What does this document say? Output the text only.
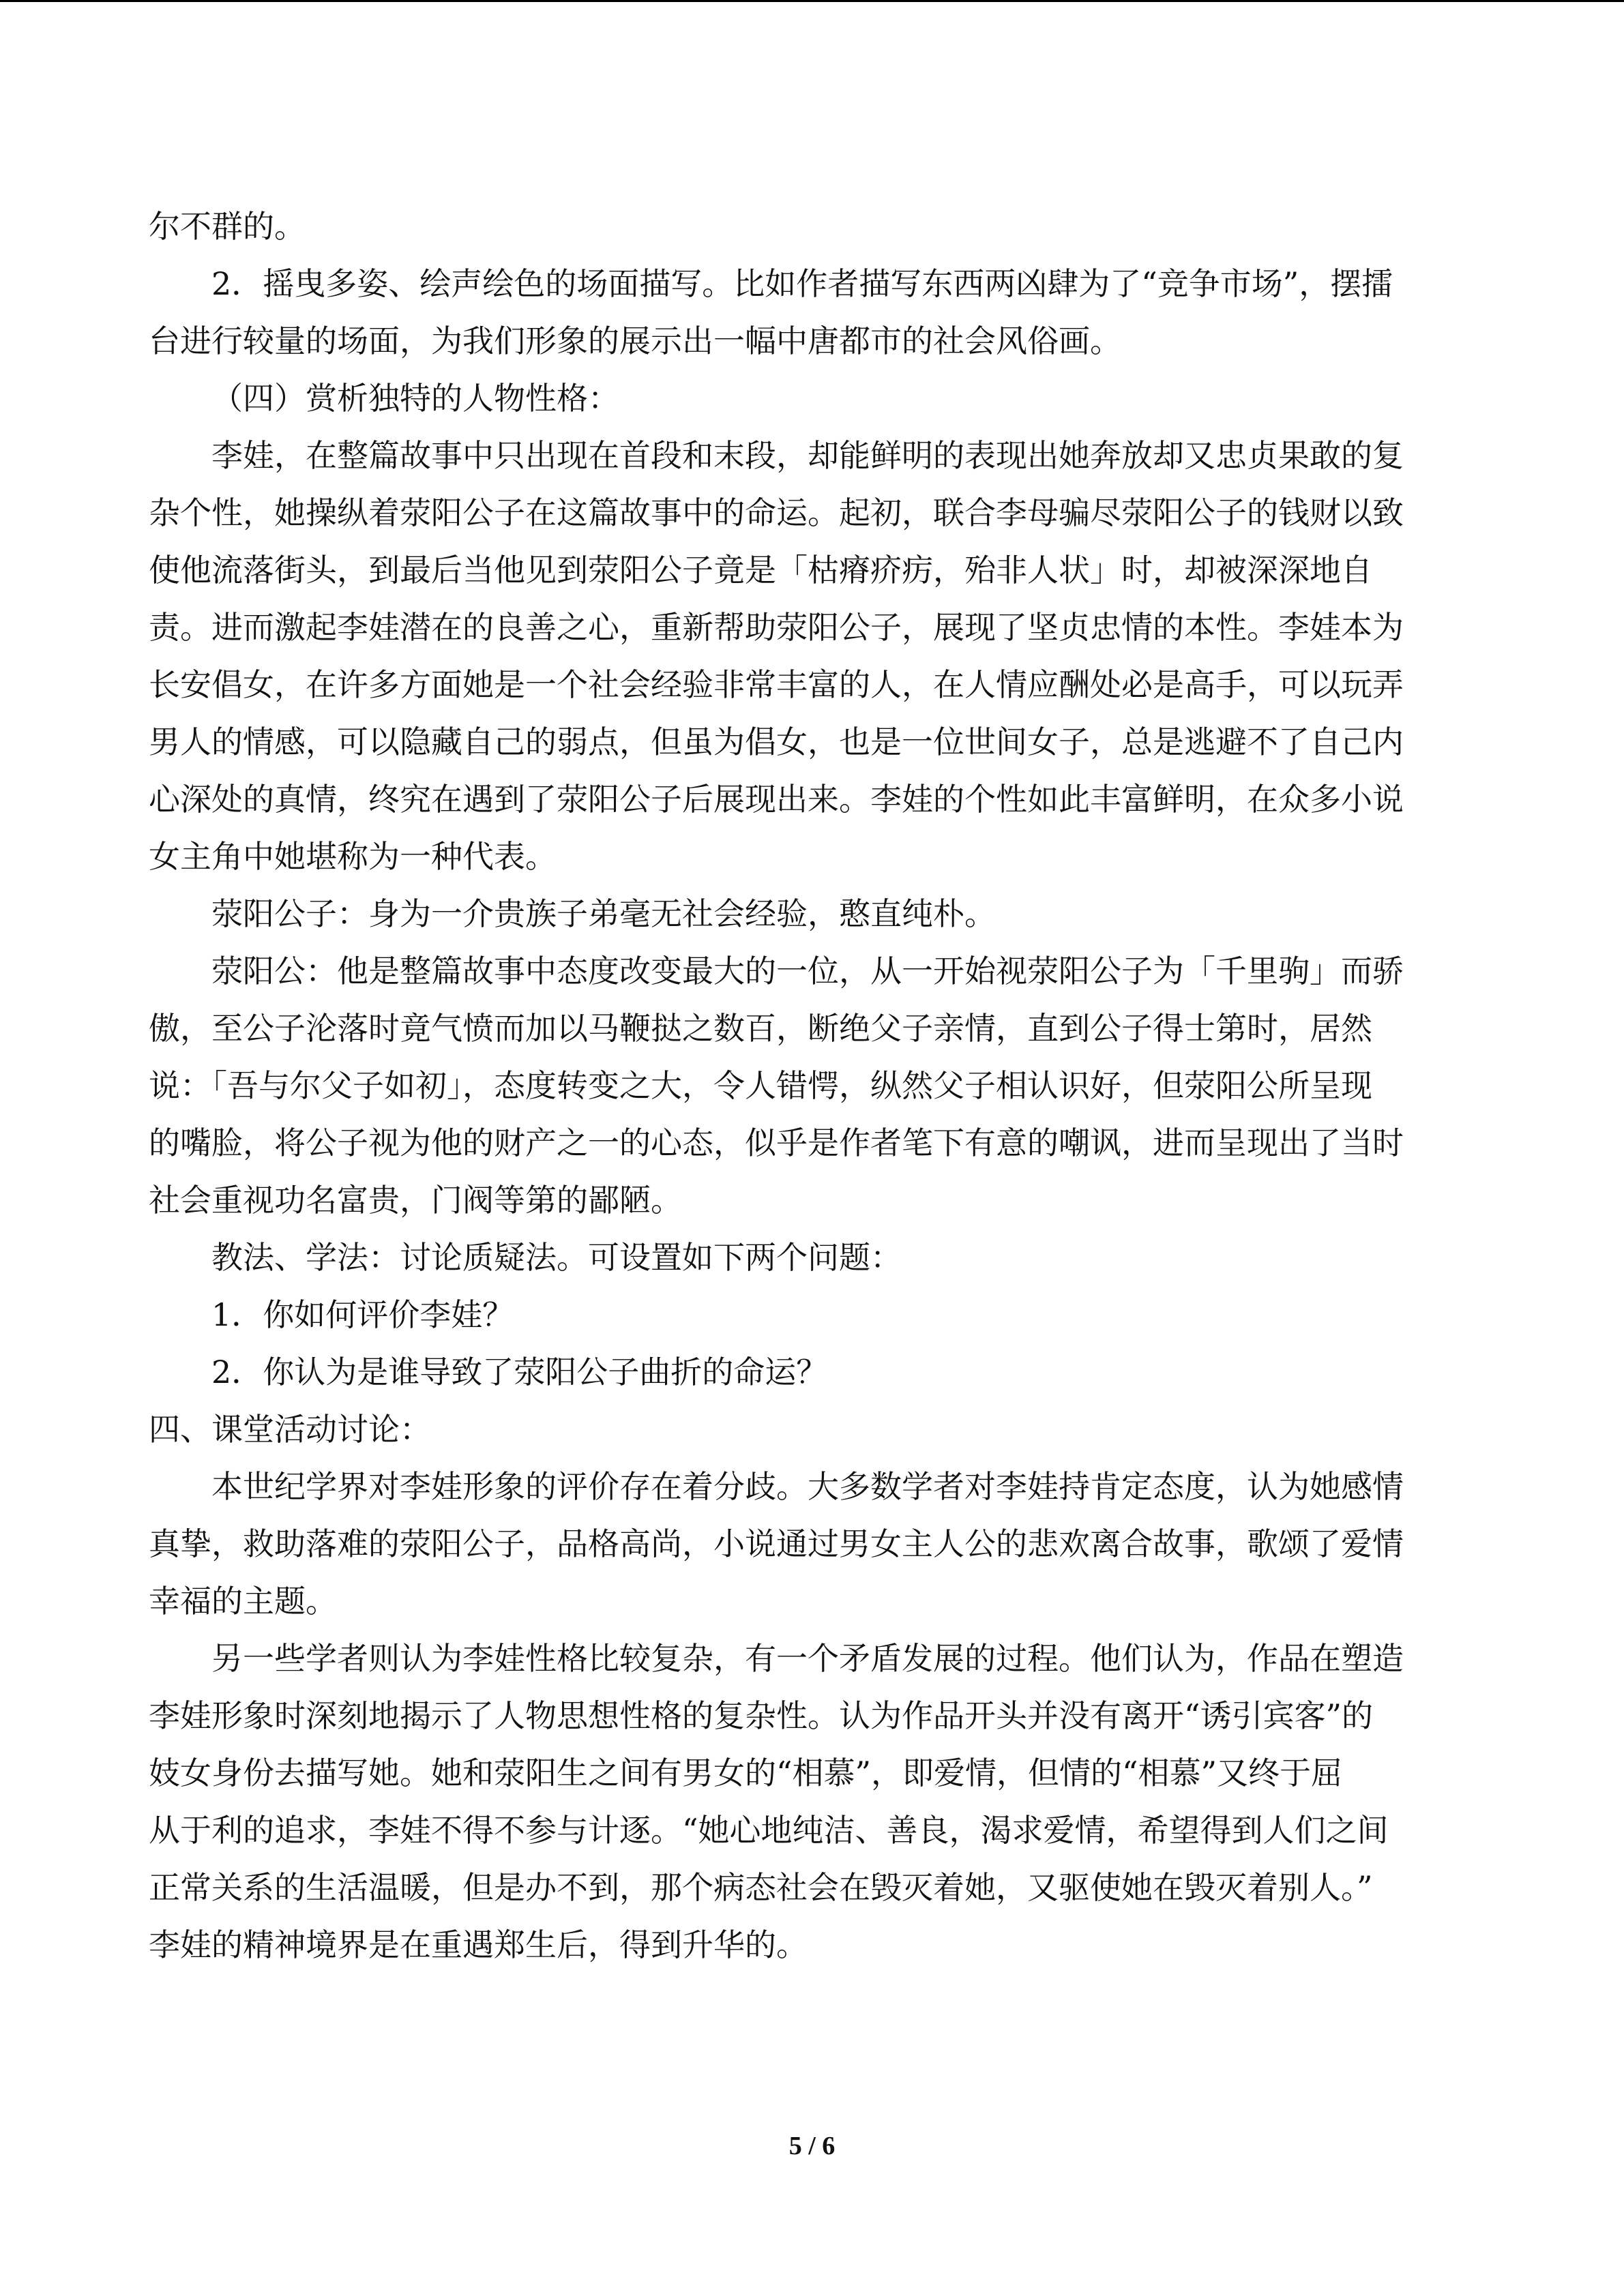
尔不群的。
2．摇曳多姿、绘声绘色的场面描写。比如作者描写东西两凶肆为了“竞争市场”，摆擂
台进行较量的场面，为我们形象的展示出一幅中唐都市的社会风俗画。
（四）赏析独特的人物性格：
李娃，在整篇故事中只出现在首段和末段，却能鲜明的表现出她奔放却又忠贞果敢的复
杂个性，她操纵着荥阳公子在这篇故事中的命运。起初，联合李母骗尽荥阳公子的钱财以致
使他流落街头，到最后当他见到荥阳公子竟是「枯瘠疥疠，殆非人状」时，却被深深地自
责。进而激起李娃潜在的良善之心，重新帮助荥阳公子，展现了坚贞忠情的本性。李娃本为
长安倡女，在许多方面她是一个社会经验非常丰富的人，在人情应酬处必是高手，可以玩弄
男人的情感，可以隐藏自己的弱点，但虽为倡女，也是一位世间女子，总是逃避不了自己内
心深处的真情，终究在遇到了荥阳公子后展现出来。李娃的个性如此丰富鲜明，在众多小说
女主角中她堪称为一种代表。
荥阳公子：身为一介贵族子弟毫无社会经验，憨直纯朴。
荥阳公：他是整篇故事中态度改变最大的一位，从一开始视荥阳公子为「千里驹」而骄
傲，至公子沦落时竟气愤而加以马鞭挞之数百，断绝父子亲情，直到公子得士第时，居然
说：「吾与尔父子如初」，态度转变之大，令人错愕，纵然父子相认识好，但荥阳公所呈现
的嘴脸，将公子视为他的财产之一的心态，似乎是作者笔下有意的嘲讽，进而呈现出了当时
社会重视功名富贵，门阀等第的鄙陋。
教法、学法：讨论质疑法。可设置如下两个问题：
1．你如何评价李娃？
2．你认为是谁导致了荥阳公子曲折的命运？
四、课堂活动讨论：
本世纪学界对李娃形象的评价存在着分歧。大多数学者对李娃持肯定态度，认为她感情
真挚，救助落难的荥阳公子，品格高尚，小说通过男女主人公的悲欢离合故事，歌颂了爱情
幸福的主题。
另一些学者则认为李娃性格比较复杂，有一个矛盾发展的过程。他们认为，作品在塑造
李娃形象时深刻地揭示了人物思想性格的复杂性。认为作品开头并没有离开“诱引宾客”的
妓女身份去描写她。她和荥阳生之间有男女的“相慕”，即爱情，但情的“相慕”又终于屈
从于利的追求，李娃不得不参与计逐。“她心地纯洁、善良，渴求爱情，希望得到人们之间
正常关系的生活温暖，但是办不到，那个病态社会在毁灭着她，又驱使她在毁灭着别人。”
李娃的精神境界是在重遇郑生后，得到升华的。
5 / 6
